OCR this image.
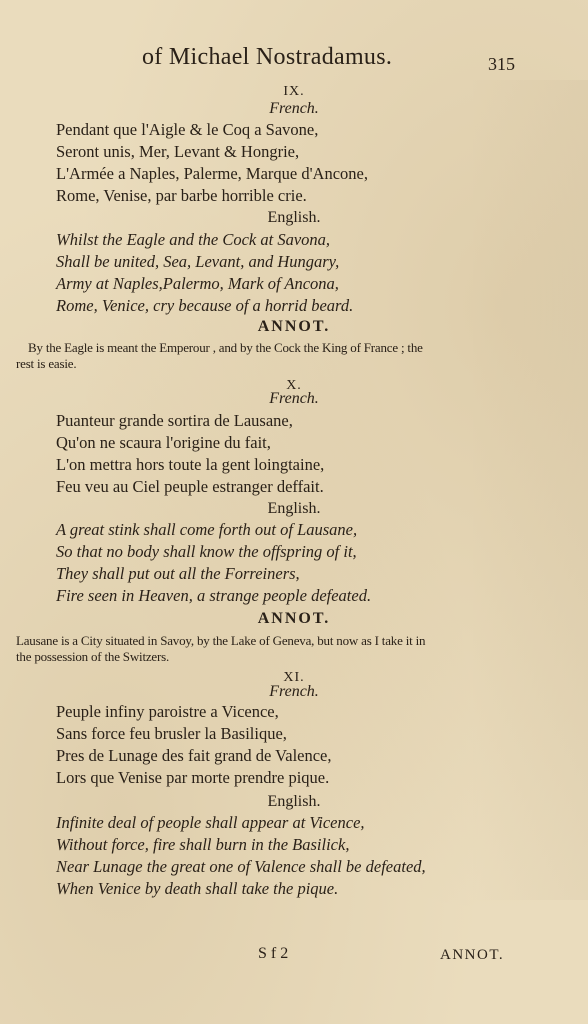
of Michael Nostradamus.	315
IX.
French.
Pendant que l'Aigle & le Coq a Savone,
Seront unis, Mer, Levant & Hongrie,
L'Armée a Naples, Palerme, Marque d'Ancone,
Rome, Venise, par barbe horrible crie.
English.
Whilst the Eagle and the Cock at Savona,
Shall be united, Sea, Levant, and Hungary,
Army at Naples,Palermo, Mark of Ancona,
Rome, Venice, cry because of a horrid beard.
ANNOT.
By the Eagle is meant the Emperour , and by the Cock the King of France ; the
rest is easie.
X.
French.
Puanteur grande sortira de Lausane,
Qu'on ne scaura l'origine du fait,
L'on mettra hors toute la gent loingtaine,
Feu veu au Ciel peuple estranger deffait.
English.
A great stink shall come forth out of Lausane,
So that no body shall know the offspring of it,
They shall put out all the Forreiners,
Fire seen in Heaven, a strange people defeated.
ANNOT.
Lausane is a City situated in Savoy, by the Lake of Geneva, but now as I take it in
the possession of the Switzers.
XI.
French.
Peuple infiny paroistre a Vicence,
Sans force feu brusler la Basilique,
Pres de Lunage des fait grand de Valence,
Lors que Venise par morte prendre pique.
English.
Infinite deal of people shall appear at Vicence,
Without force, fire shall burn in the Basilick,
Near Lunage the great one of Valence shall be defeated,
When Venice by death shall take the pique.
S f 2	ANNOT.
